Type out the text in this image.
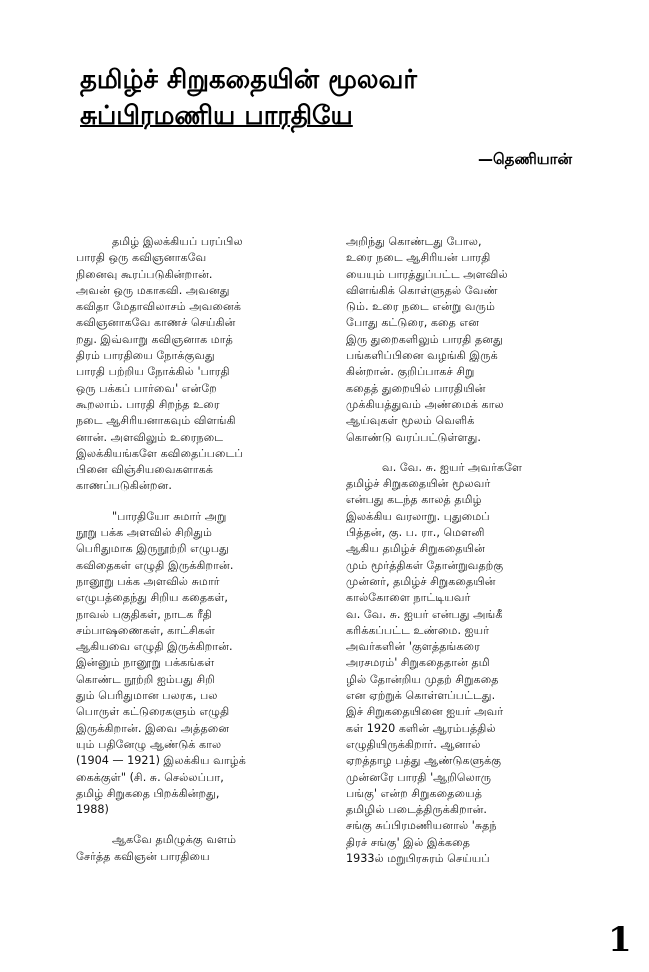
தமிழ்ச் சிறுகதையின் மூலவர்
சுப்பிரமணிய பாரதியே
—தெணியான்
தமிழ் இலக்கியப் பரப்பில
பாரதி ஒரு கவிஞனாகவே
நினைவு கூரப்படுகின்றான்.
அவன் ஒரு மகாகவி. அவனது
கவிதா மேதாவிலாசம் அவனைக்
கவிஞனாகவே காணச் செய்கின்
றது. இவ்வாறு கவிஞனாக மாத்
திரம் பாரதியை நோக்குவது
பாரதி பற்றிய நோக்கில் 'பாரதி
ஒரு பக்கப் பார்வை' என்றே
கூறலாம். பாரதி சிறந்த உரை
நடை ஆசிரியனாகவும் விளங்கி
னான். அளவிலும் உரைநடை
இலக்கியங்களே கவிதைப்படைப்
பினை விஞ்சியவைகளாகக்
காணப்படுகின்றன.
"பாரதியோ சுமார் அறு
நூறு பக்க அளவில் சிறிதும்
பெரிதுமாக இருநூற்றி எழுபது
கவிதைகள் எழுதி இருக்கிறான்.
நானூறு பக்க அளவில் சுமார்
எழுபத்தைந்து சிறிய கதைகள்,
நாவல் பகுதிகள், நாடக ரீதி
சம்பாஷணைகள், காட்சிகள்
ஆகியவை எழுதி இருக்கிறான்.
இன்னும் நானூறு பக்கங்கள்
கொண்ட நூற்றி ஐம்பது சிறி
தும் பெரிதுமான பலரக, பல
பொருள் கட்டுரைகளும் எழுதி
இருக்கிறான். இவை அத்தனை
யும் பதினேழு ஆண்டுக் கால
(1904 — 1921) இலக்கிய வாழ்க்
கைக்குள்" (சி. சு. செல்லப்பா,
தமிழ் சிறுகதை பிறக்கின்றது,
1988)
ஆகவே தமிழுக்கு வளம்
சேர்த்த கவிஞன் பாரதியை
அறிந்து கொண்டது போல,
உரை நடை ஆசிரியன் பாரதி
யையும் பாரத்துப்பட்ட அளவில்
விளங்கிக் கொள்ளுதல் வேண்
டும். உரை நடை என்று வரும்
போது கட்டுரை, கதை என
இரு துறைகளிலும் பாரதி தனது
பங்களிப்பினை வழங்கி இருக்
கின்றான். குறிப்பாகச் சிறு
கதைத் துறையில் பாரதியின்
முக்கியத்துவம் அண்மைக் கால
ஆய்வுகள் மூலம் வெளிக்
கொண்டு வரப்பட்டுள்ளது.
வ. வே. சு. ஐயர் அவர்களே
தமிழ்ச் சிறுகதையின் மூலவர்
என்பது கடந்த காலத் தமிழ்
இலக்கிய வரலாறு. புதுமைப்
பித்தன், கு. ப. ரா., மௌனி
ஆகிய தமிழ்ச் சிறுகதையின்
மும் மூர்த்திகள் தோன்றுவதற்கு
முன்னர், தமிழ்ச் சிறுகதையின்
கால்கோளை நாட்டியவர்
வ. வே. சு. ஐயர் என்பது அங்கீ
கரிக்கப்பட்ட உண்மை. ஐயர்
அவர்களின் 'குளத்தங்கரை
அரசமரம்' சிறுகதைதான் தமி
ழில் தோன்றிய முதற் சிறுகதை
என ஏற்றுக் கொள்ளப்பட்டது.
இச் சிறுகதையினை ஐயர் அவர்
கள் 1920 களின் ஆரம்பத்தில்
எழுதியிருக்கிறார். ஆனால்
ஏறத்தாழ பத்து ஆண்டுகளுக்கு
முன்னரே பாரதி 'ஆறிலொரு
பங்கு' என்ற சிறுகதையைத்
தமிழில் படைத்திருக்கிறான்.
சங்கு சுப்பிரமணியனால் 'சுதந்
திரச் சங்கு' இல் இக்கதை
1933ல் மறுபிரசுரம் செய்யப்
1
